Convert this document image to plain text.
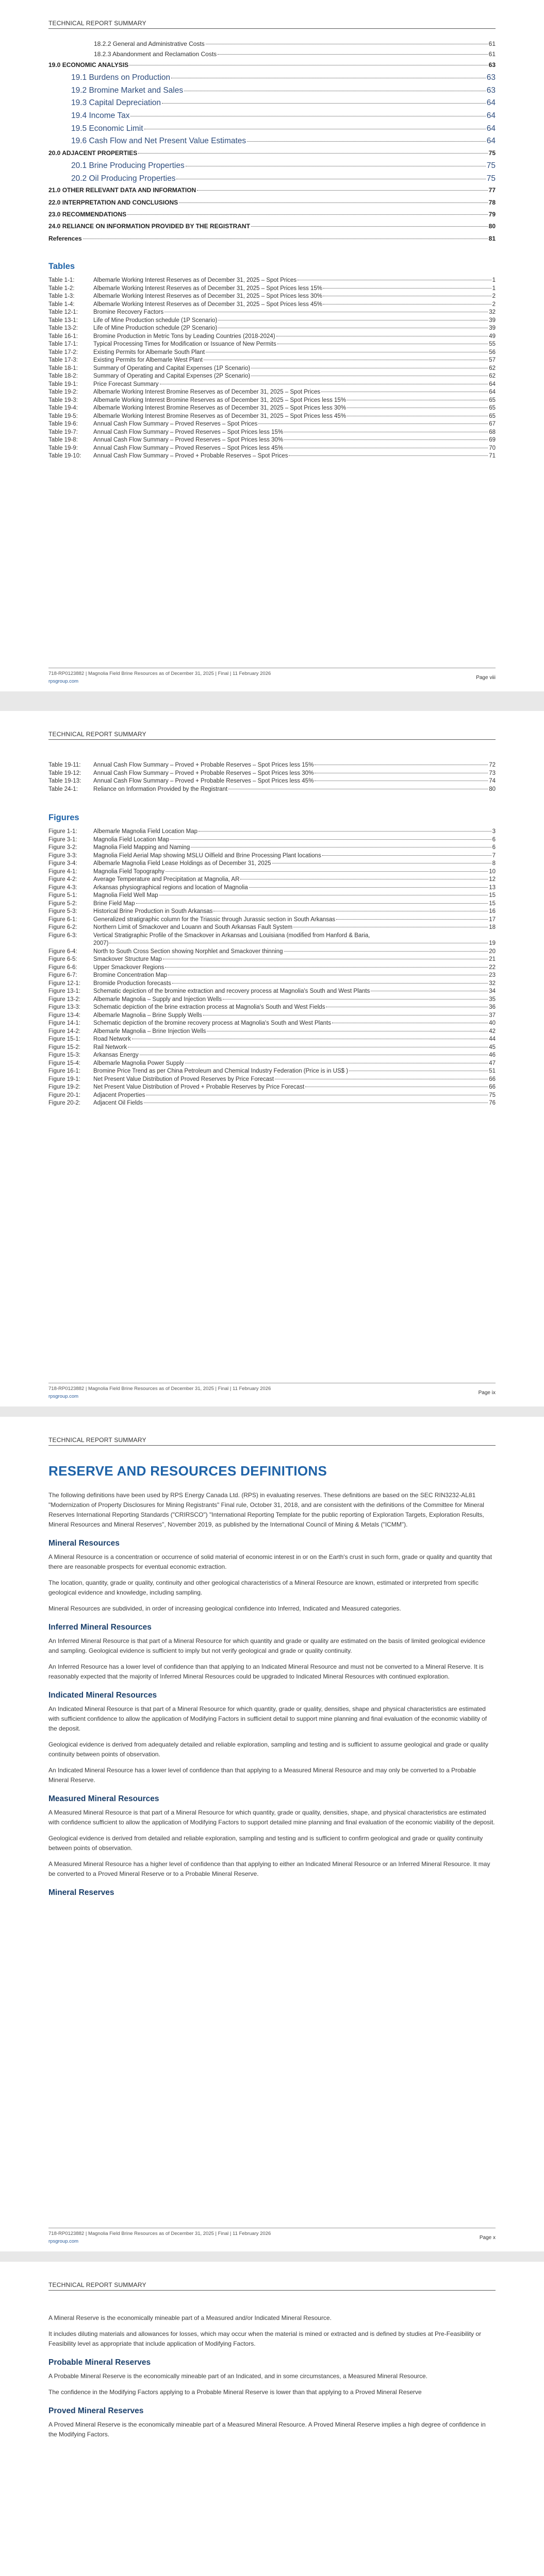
TECHNICAL REPORT SUMMARY
18.2.2 General and Administrative Costs	61
18.2.3 Abandonment and Reclamation Costs	61
19.0 ECONOMIC ANALYSIS	63
19.1 Burdens on Production	63
19.2 Bromine Market and Sales	63
19.3 Capital Depreciation	64
19.4 Income Tax	64
19.5 Economic Limit	64
19.6 Cash Flow and Net Present Value Estimates	64
20.0 ADJACENT PROPERTIES	75
20.1 Brine Producing Properties	75
20.2 Oil Producing Properties	75
21.0 OTHER RELEVANT DATA AND INFORMATION	77
22.0 INTERPRETATION AND CONCLUSIONS	78
23.0 RECOMMENDATIONS	79
24.0 RELIANCE ON INFORMATION PROVIDED BY THE REGISTRANT	80
References	81
Tables
Table 1-1:	Albemarle Working Interest Reserves as of December 31, 2025 – Spot Prices	1
Table 1-2:	Albemarle Working Interest Reserves as of December 31, 2025 – Spot Prices less 15%	1
Table 1-3:	Albemarle Working Interest Reserves as of December 31, 2025 – Spot Prices less 30%	2
Table 1-4:	Albemarle Working Interest Reserves as of December 31, 2025 – Spot Prices less 45%	2
Table 12-1:	Bromine Recovery Factors	32
Table 13-1:	Life of Mine Production schedule (1P Scenario)	39
Table 13-2:	Life of Mine Production schedule (2P Scenario)	39
Table 16-1:	Bromine Production in Metric Tons by Leading Countries (2018-2024)	49
Table 17-1:	Typical Processing Times for Modification or Issuance of New Permits	55
Table 17-2:	Existing Permits for Albemarle South Plant	56
Table 17-3:	Existing Permits for Albemarle West Plant	57
Table 18-1:	Summary of Operating and Capital Expenses (1P Scenario)	62
Table 18-2:	Summary of Operating and Capital Expenses (2P Scenario)	62
Table 19-1:	Price Forecast Summary	64
Table 19-2:	Albemarle Working Interest Bromine Reserves as of December 31, 2025 – Spot Prices	64
Table 19-3:	Albemarle Working Interest Bromine Reserves as of December 31, 2025 – Spot Prices less 15%	65
Table 19-4:	Albemarle Working Interest Bromine Reserves as of December 31, 2025 – Spot Prices less 30%	65
Table 19-5:	Albemarle Working Interest Bromine Reserves as of December 31, 2025 – Spot Prices less 45%	65
Table 19-6:	Annual Cash Flow Summary – Proved Reserves – Spot Prices	67
Table 19-7:	Annual Cash Flow Summary – Proved Reserves – Spot Prices less 15%	68
Table 19-8:	Annual Cash Flow Summary – Proved Reserves – Spot Prices less 30%	69
Table 19-9:	Annual Cash Flow Summary – Proved Reserves – Spot Prices less 45%	70
Table 19-10:	Annual Cash Flow Summary – Proved + Probable Reserves – Spot Prices	71
718-RP0123882 | Magnolia Field Brine Resources as of December 31, 2025 | Final | 11 February 2026
rpsgroup.com
Page viii
TECHNICAL REPORT SUMMARY
Table 19-11:	Annual Cash Flow Summary – Proved + Probable Reserves – Spot Prices less 15%	72
Table 19-12:	Annual Cash Flow Summary – Proved + Probable Reserves – Spot Prices less 30%	73
Table 19-13:	Annual Cash Flow Summary – Proved + Probable Reserves – Spot Prices less 45%	74
Table 24-1:	Reliance on Information Provided by the Registrant	80
Figures
Figure 1-1:	Albemarle Magnolia Field Location Map	3
Figure 3-1:	Magnolia Field Location Map	6
Figure 3-2:	Magnolia Field Mapping and Naming	6
Figure 3-3:	Magnolia Field Aerial Map showing MSLU Oilfield and Brine Processing Plant locations	7
Figure 3-4:	Albemarle Magnolia Field Lease Holdings as of December 31, 2025	8
Figure 4-1:	Magnolia Field Topography	10
Figure 4-2:	Average Temperature and Precipitation at Magnolia, AR	12
Figure 4-3:	Arkansas physiographical regions and location of Magnolia	13
Figure 5-1:	Magnolia Field Well Map	15
Figure 5-2:	Brine Field Map	15
Figure 5-3:	Historical Brine Production in South Arkansas	16
Figure 6-1:	Generalized stratigraphic column for the Triassic through Jurassic section in South Arkansas	17
Figure 6-2:	Northern Limit of Smackover and Louann and South Arkansas Fault System	18
Figure 6-3:	Vertical Stratigraphic Profile of the Smackover in Arkansas and Louisiana (modified from Hanford & Baria,
2007)	19
Figure 6-4:	North to South Cross Section showing Norphlet and Smackover thinning	20
Figure 6-5:	Smackover Structure Map	21
Figure 6-6:	Upper Smackover Regions	22
Figure 6-7:	Bromine Concentration Map	23
Figure 12-1:	Bromide Production forecasts	32
Figure 13-1:	Schematic depiction of the bromine extraction and recovery process at Magnolia's South and West Plants	34
Figure 13-2:	Albemarle Magnolia – Supply and Injection Wells	35
Figure 13-3:	Schematic depiction of the brine extraction process at Magnolia's South and West Fields	36
Figure 13-4:	Albemarle Magnolia – Brine Supply Wells	37
Figure 14-1:	Schematic depiction of the bromine recovery process at Magnolia's South and West Plants	40
Figure 14-2:	Albemarle Magnolia – Brine Injection Wells	42
Figure 15-1:	Road Network	44
Figure 15-2:	Rail Network	45
Figure 15-3:	Arkansas Energy	46
Figure 15-4:	Albemarle Magnolia Power Supply	47
Figure 16-1:	Bromine Price Trend as per China Petroleum and Chemical Industry Federation (Price is in US$ )	51
Figure 19-1:	Net Present Value Distribution of Proved Reserves by Price Forecast	66
Figure 19-2:	Net Present Value Distribution of Proved + Probable Reserves by Price Forecast	66
Figure 20-1:	Adjacent Properties	75
Figure 20-2:	Adjacent Oil Fields	76
718-RP0123882 | Magnolia Field Brine Resources as of December 31, 2025 | Final | 11 February 2026
rpsgroup.com
Page ix
TECHNICAL REPORT SUMMARY
RESERVE AND RESOURCES DEFINITIONS

The following definitions have been used by RPS Energy Canada Ltd. (RPS) in evaluating reserves. These definitions are based on the SEC RIN3232-AL81 "Modernization of Property Disclosures for Mining Registrants" Final rule, October 31, 2018, and are consistent with the definitions of the Committee for Mineral Reserves International Reporting Standards ("CRIRSCO") "International Reporting Template for the public reporting of Exploration Targets, Exploration Results, Mineral Resources and Mineral Reserves", November 2019, as published by the International Council of Mining & Metals ("ICMM").

Mineral Resources

A Mineral Resource is a concentration or occurrence of solid material of economic interest in or on the Earth's crust in such form, grade or quality and quantity that there are reasonable prospects for eventual economic extraction.

The location, quantity, grade or quality, continuity and other geological characteristics of a Mineral Resource are known, estimated or interpreted from specific geological evidence and knowledge, including sampling.

Mineral Resources are subdivided, in order of increasing geological confidence into Inferred, Indicated and Measured categories.

Inferred Mineral Resources

An Inferred Mineral Resource is that part of a Mineral Resource for which quantity and grade or quality are estimated on the basis of limited geological evidence and sampling. Geological evidence is sufficient to imply but not verify geological and grade or quality continuity.

An Inferred Resource has a lower level of confidence than that applying to an Indicated Mineral Resource and must not be converted to a Mineral Reserve. It is reasonably expected that the majority of Inferred Mineral Resources could be upgraded to Indicated Mineral Resources with continued exploration.

Indicated Mineral Resources

An Indicated Mineral Resource is that part of a Mineral Resource for which quantity, grade or quality, densities, shape and physical characteristics are estimated with sufficient confidence to allow the application of Modifying Factors in sufficient detail to support mine planning and final evaluation of the economic viability of the deposit.

Geological evidence is derived from adequately detailed and reliable exploration, sampling and testing and is sufficient to assume geological and grade or quality continuity between points of observation.

An Indicated Mineral Resource has a lower level of confidence than that applying to a Measured Mineral Resource and may only be converted to a Probable Mineral Reserve.

Measured Mineral Resources

A Measured Mineral Resource is that part of a Mineral Resource for which quantity, grade or quality, densities, shape, and physical characteristics are estimated with confidence sufficient to allow the application of Modifying Factors to support detailed mine planning and final evaluation of the economic viability of the deposit.

Geological evidence is derived from detailed and reliable exploration, sampling and testing and is sufficient to confirm geological and grade or quality continuity between points of observation.

A Measured Mineral Resource has a higher level of confidence than that applying to either an Indicated Mineral Resource or an Inferred Mineral Resource. It may be converted to a Proved Mineral Reserve or to a Probable Mineral Reserve.

Mineral Reserves
718-RP0123882 | Magnolia Field Brine Resources as of December 31, 2025 | Final | 11 February 2026
rpsgroup.com
Page x
TECHNICAL REPORT SUMMARY

A Mineral Reserve is the economically mineable part of a Measured and/or Indicated Mineral Resource.

It includes diluting materials and allowances for losses, which may occur when the material is mined or extracted and is defined by studies at Pre-Feasibility or Feasibility level as appropriate that include application of Modifying Factors.

Probable Mineral Reserves

A Probable Mineral Reserve is the economically mineable part of an Indicated, and in some circumstances, a Measured Mineral Resource.

The confidence in the Modifying Factors applying to a Probable Mineral Reserve is lower than that applying to a Proved Mineral Reserve

Proved Mineral Reserves

A Proved Mineral Reserve is the economically mineable part of a Measured Mineral Resource. A Proved Mineral Reserve implies a high degree of confidence in the Modifying Factors.
